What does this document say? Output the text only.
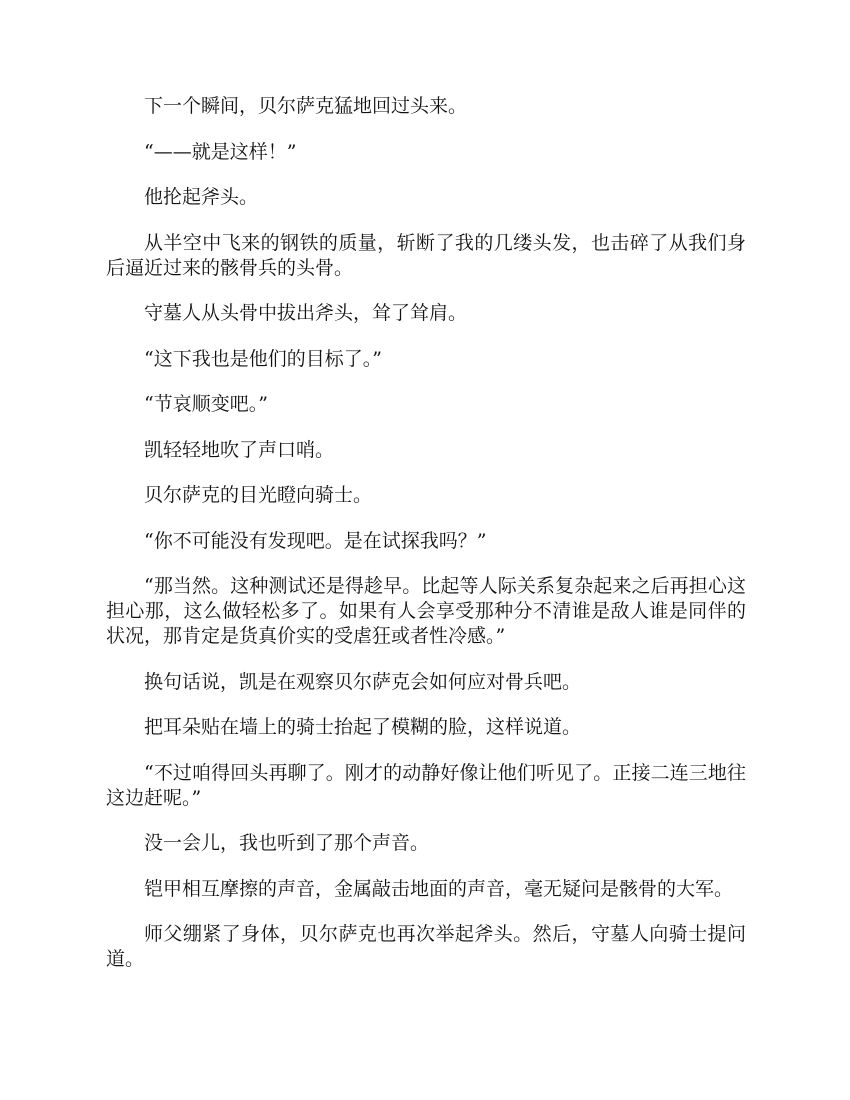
下一个瞬间，贝尔萨克猛地回过头来。

“——就是这样！”

他抡起斧头。

从半空中飞来的钢铁的质量，斩断了我的几缕头发，也击碎了从我们身后逼近过来的骸骨兵的头骨。

守墓人从头骨中拔出斧头，耸了耸肩。

“这下我也是他们的目标了。”

“节哀顺变吧。”

凯轻轻地吹了声口哨。

贝尔萨克的目光瞪向骑士。

“你不可能没有发现吧。是在试探我吗？”

“那当然。这种测试还是得趁早。比起等人际关系复杂起来之后再担心这担心那，这么做轻松多了。如果有人会享受那种分不清谁是敌人谁是同伴的状况，那肯定是货真价实的受虐狂或者性冷感。”

换句话说，凯是在观察贝尔萨克会如何应对骨兵吧。

把耳朵贴在墙上的骑士抬起了模糊的脸，这样说道。

“不过咱得回头再聊了。刚才的动静好像让他们听见了。正接二连三地往这边赶呢。”

没一会儿，我也听到了那个声音。

铠甲相互摩擦的声音，金属敲击地面的声音，毫无疑问是骸骨的大军。

师父绷紧了身体，贝尔萨克也再次举起斧头。然后，守墓人向骑士提问道。
